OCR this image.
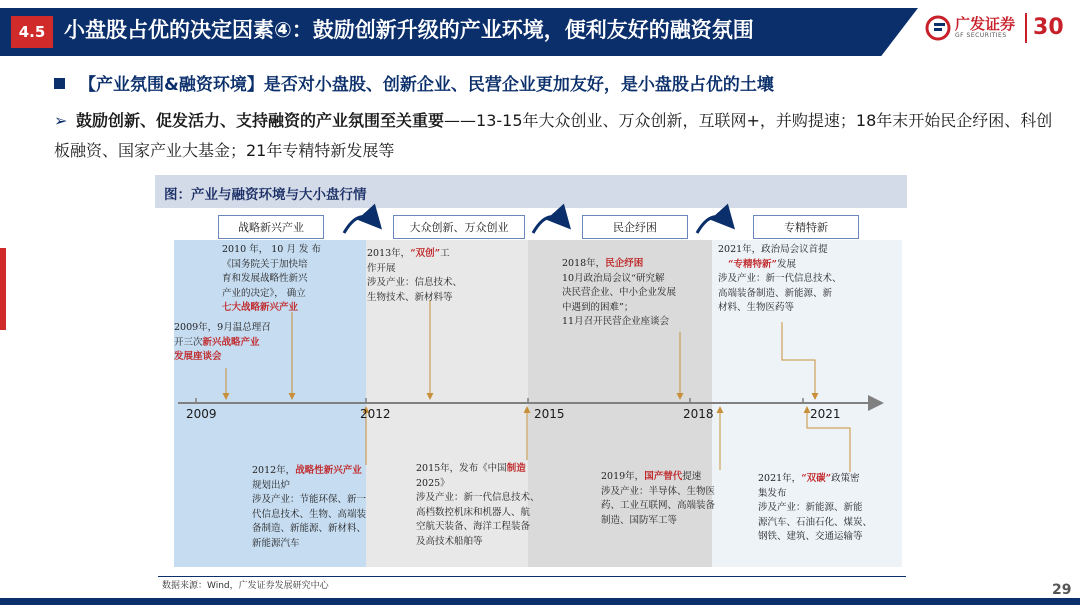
4.5 小盘股占优的决定因素④：鼓励创新升级的产业环境，便利友好的融资氛围	广发证券
GF SECURITIES	30
【产业氛围&融资环境】是否对小盘股、创新企业、民营企业更加友好，是小盘股占优的土壤
➢ 鼓励创新、促发活力、支持融资的产业氛围至关重要——13-15年大众创业、万众创新，互联网+，并购提速；18年末开始民企纾困、科创板融资、国家产业大基金；21年专精特新发展等
图：产业与融资环境与大小盘行情
战略新兴产业	大众创新、万众创业	民企纾困	专精特新
2009	2012	2015	2018	2021
2010 年， 10 月 发 布
《国务院关于加快培
育和发展战略性新兴
产业的决定》， 确立
七大战略新兴产业
2009年，9月温总理召
开三次新兴战略产业
发展座谈会
2013年，“双创”工
作开展
涉及产业：信息技术、
生物技术、新材料等
2018年，民企纾困
10月政治局会议“研究解
决民营企业、中小企业发展
中遇到的困难”；
11月召开民营企业座谈会
2021年，政治局会议首提
“专精特新”发展
涉及产业：新一代信息技术、
高端装备制造、新能源、新
材料、生物医药等
2012年，战略性新兴产业
规划出炉
涉及产业：节能环保、新一
代信息技术、生物、高端装
备制造、新能源、新材料、
新能源汽车
2015年，发布《中国制造
2025》
涉及产业：新一代信息技术、
高档数控机床和机器人、航
空航天装备、海洋工程装备
及高技术船舶等
2019年，国产替代提速
涉及产业：半导体、生物医
药、工业互联网、高端装备
制造、国防军工等
2021年，“双碳”政策密
集发布
涉及产业：新能源、新能
源汽车、石油石化、煤炭、
钢铁、建筑、交通运输等
数据来源：Wind，广发证券发展研究中心	29
